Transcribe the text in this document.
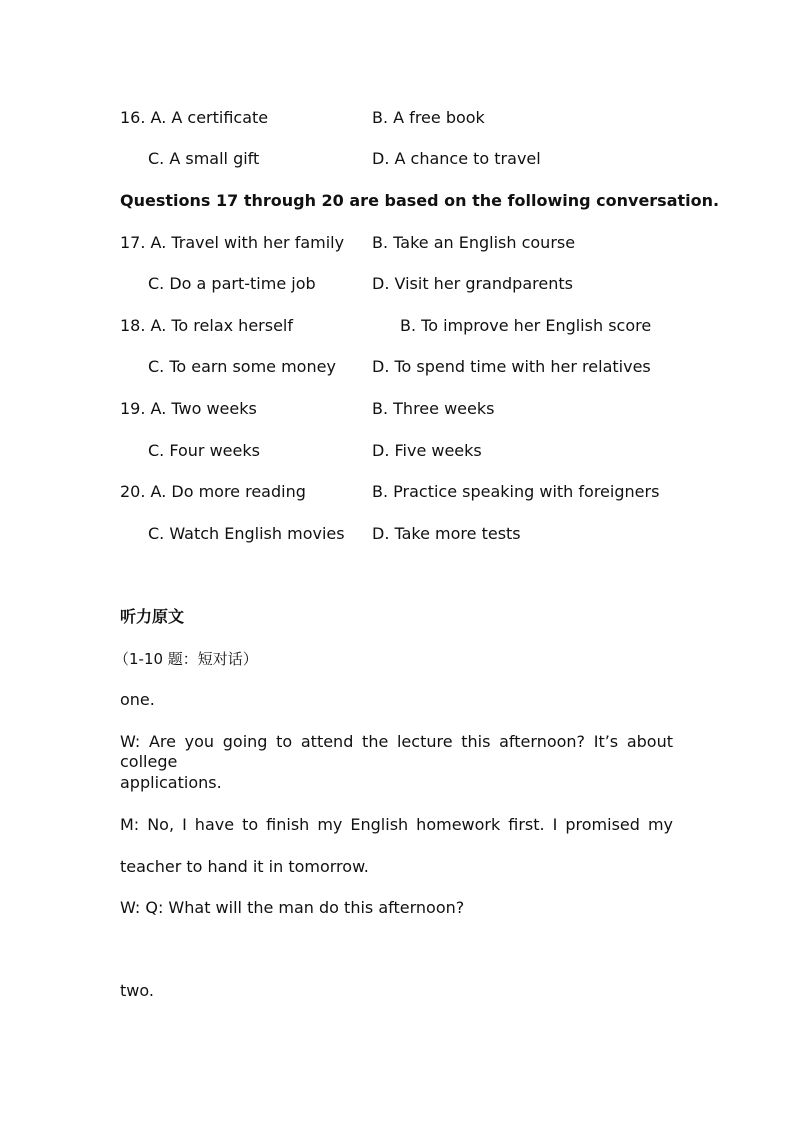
16. A. A certificate	B. A free book
C. A small gift	D. A chance to travel
Questions 17 through 20 are based on the following conversation.
17. A. Travel with her family B. Take an English course
C. Do a part-time job	D. Visit her grandparents
18. A. To relax herself	B. To improve her English score
C. To earn some money D. To spend time with her relatives
19. A. Two weeks	B. Three weeks
C. Four weeks	D. Five weeks
20. A. Do more reading	B. Practice speaking with foreigners
C. Watch English movies D. Take more tests
听力原文
（1-10 题：短对话）
one.
W: Are you going to attend the lecture this afternoon? It’s about college
applications.
M: No, I have to finish my English homework first. I promised my
teacher to hand it in tomorrow.
W: Q: What will the man do this afternoon?
two.
